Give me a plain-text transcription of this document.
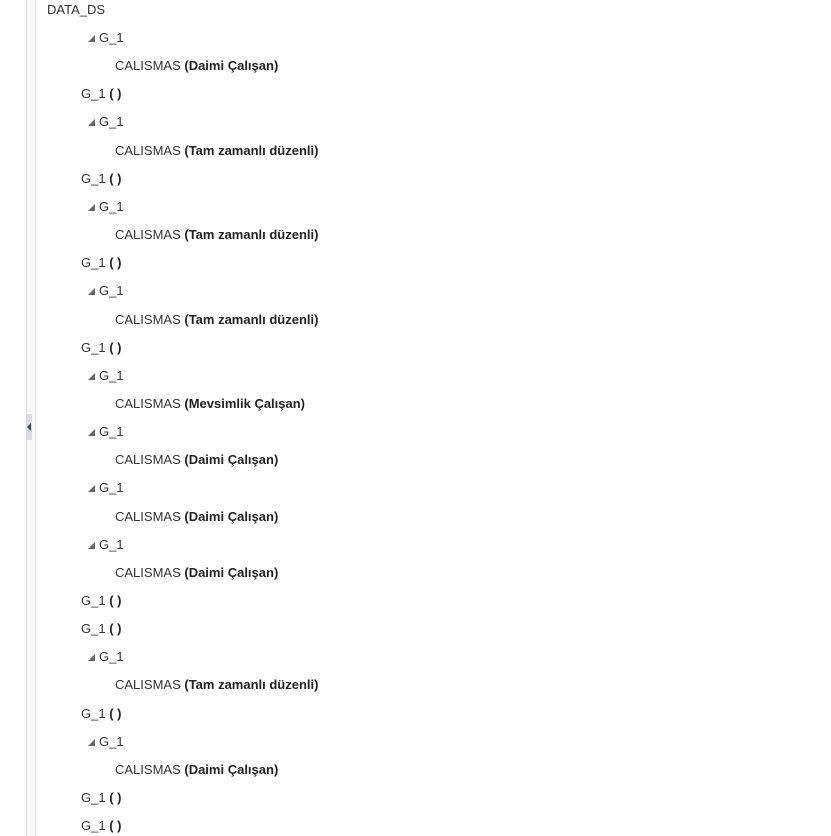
DATA_DS
G_1
CALISMAS (Daimi Çalışan)
G_1 ( )
G_1
CALISMAS (Tam zamanlı düzenli)
G_1 ( )
G_1
CALISMAS (Tam zamanlı düzenli)
G_1 ( )
G_1
CALISMAS (Tam zamanlı düzenli)
G_1 ( )
G_1
CALISMAS (Mevsimlik Çalışan)
G_1
CALISMAS (Daimi Çalışan)
G_1
CALISMAS (Daimi Çalışan)
G_1
CALISMAS (Daimi Çalışan)
G_1 ( )
G_1 ( )
G_1
CALISMAS (Tam zamanlı düzenli)
G_1 ( )
G_1
CALISMAS (Daimi Çalışan)
G_1 ( )
G_1 ( )
